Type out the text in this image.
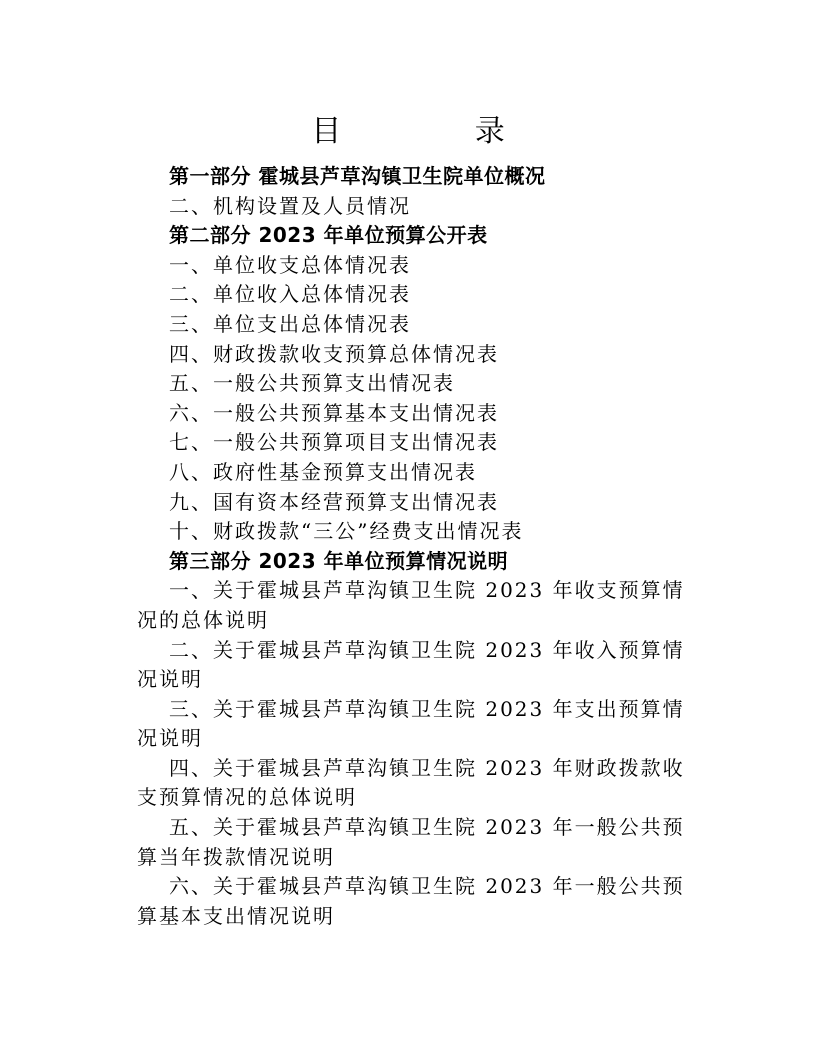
目 录
第一部分 霍城县芦草沟镇卫生院单位概况
二、机构设置及人员情况
第二部分 2023 年单位预算公开表
一、单位收支总体情况表
二、单位收入总体情况表
三、单位支出总体情况表
四、财政拨款收支预算总体情况表
五、一般公共预算支出情况表
六、一般公共预算基本支出情况表
七、一般公共预算项目支出情况表
八、政府性基金预算支出情况表
九、国有资本经营预算支出情况表
十、财政拨款“三公”经费支出情况表
第三部分 2023 年单位预算情况说明
一、关于霍城县芦草沟镇卫生院 2023 年收支预算情况的总体说明
二、关于霍城县芦草沟镇卫生院 2023 年收入预算情况说明
三、关于霍城县芦草沟镇卫生院 2023 年支出预算情况说明
四、关于霍城县芦草沟镇卫生院 2023 年财政拨款收支预算情况的总体说明
五、关于霍城县芦草沟镇卫生院 2023 年一般公共预算当年拨款情况说明
六、关于霍城县芦草沟镇卫生院 2023 年一般公共预算基本支出情况说明
